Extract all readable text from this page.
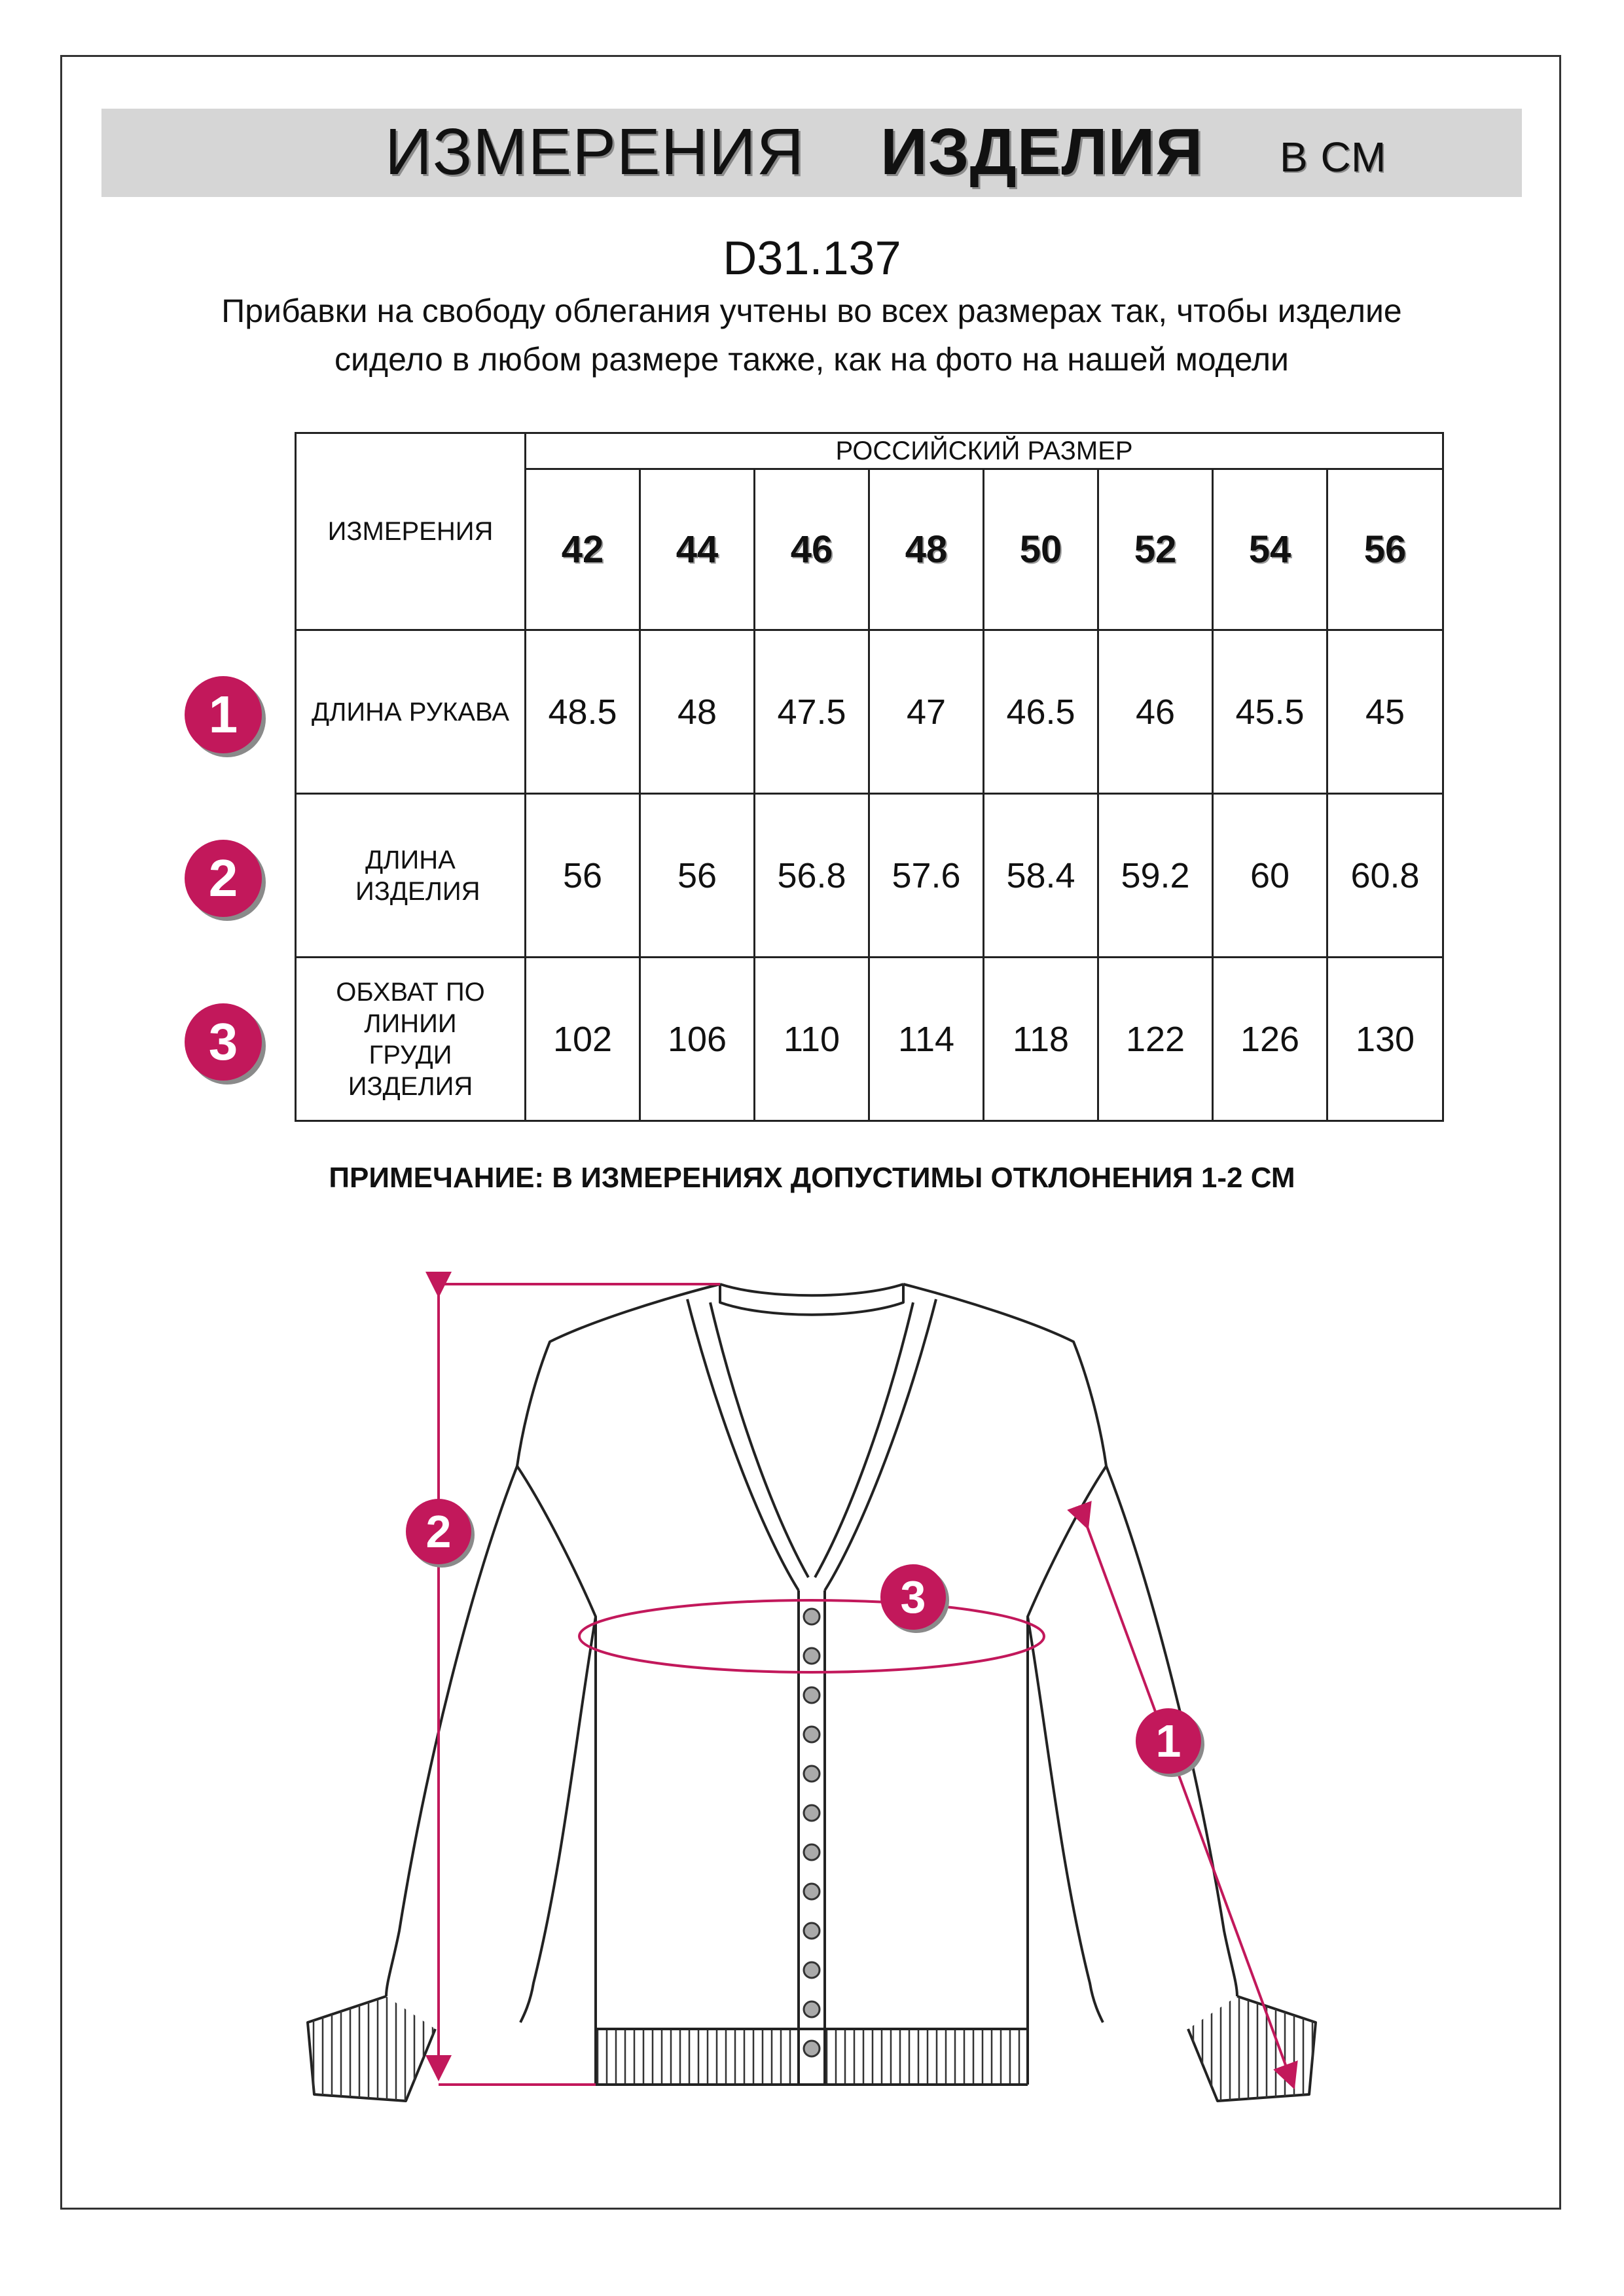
ИЗМЕРЕНИЯ ИЗДЕЛИЯ В СМ
D31.137
Прибавки на свободу облегания учтены во всех размерах так, чтобы изделие сидело в любом размере также, как на фото на нашей модели
ИЗМЕРЕНИЯ	РОССИЙСКИЙ РАЗМЕР							
	42	44	46	48	50	52	54	56
ДЛИНА РУКАВА	48.5	48	47.5	47	46.5	46	45.5	45
ДЛИНА ИЗДЕЛИЯ	56	56	56.8	57.6	58.4	59.2	60	60.8
ОБХВАТ ПО ЛИНИИ ГРУДИ ИЗДЕЛИЯ	102	106	110	114	118	122	126	130
1
2
3
ПРИМЕЧАНИЕ: В ИЗМЕРЕНИЯХ ДОПУСТИМЫ ОТКЛОНЕНИЯ 1-2 СМ
2
3
1
